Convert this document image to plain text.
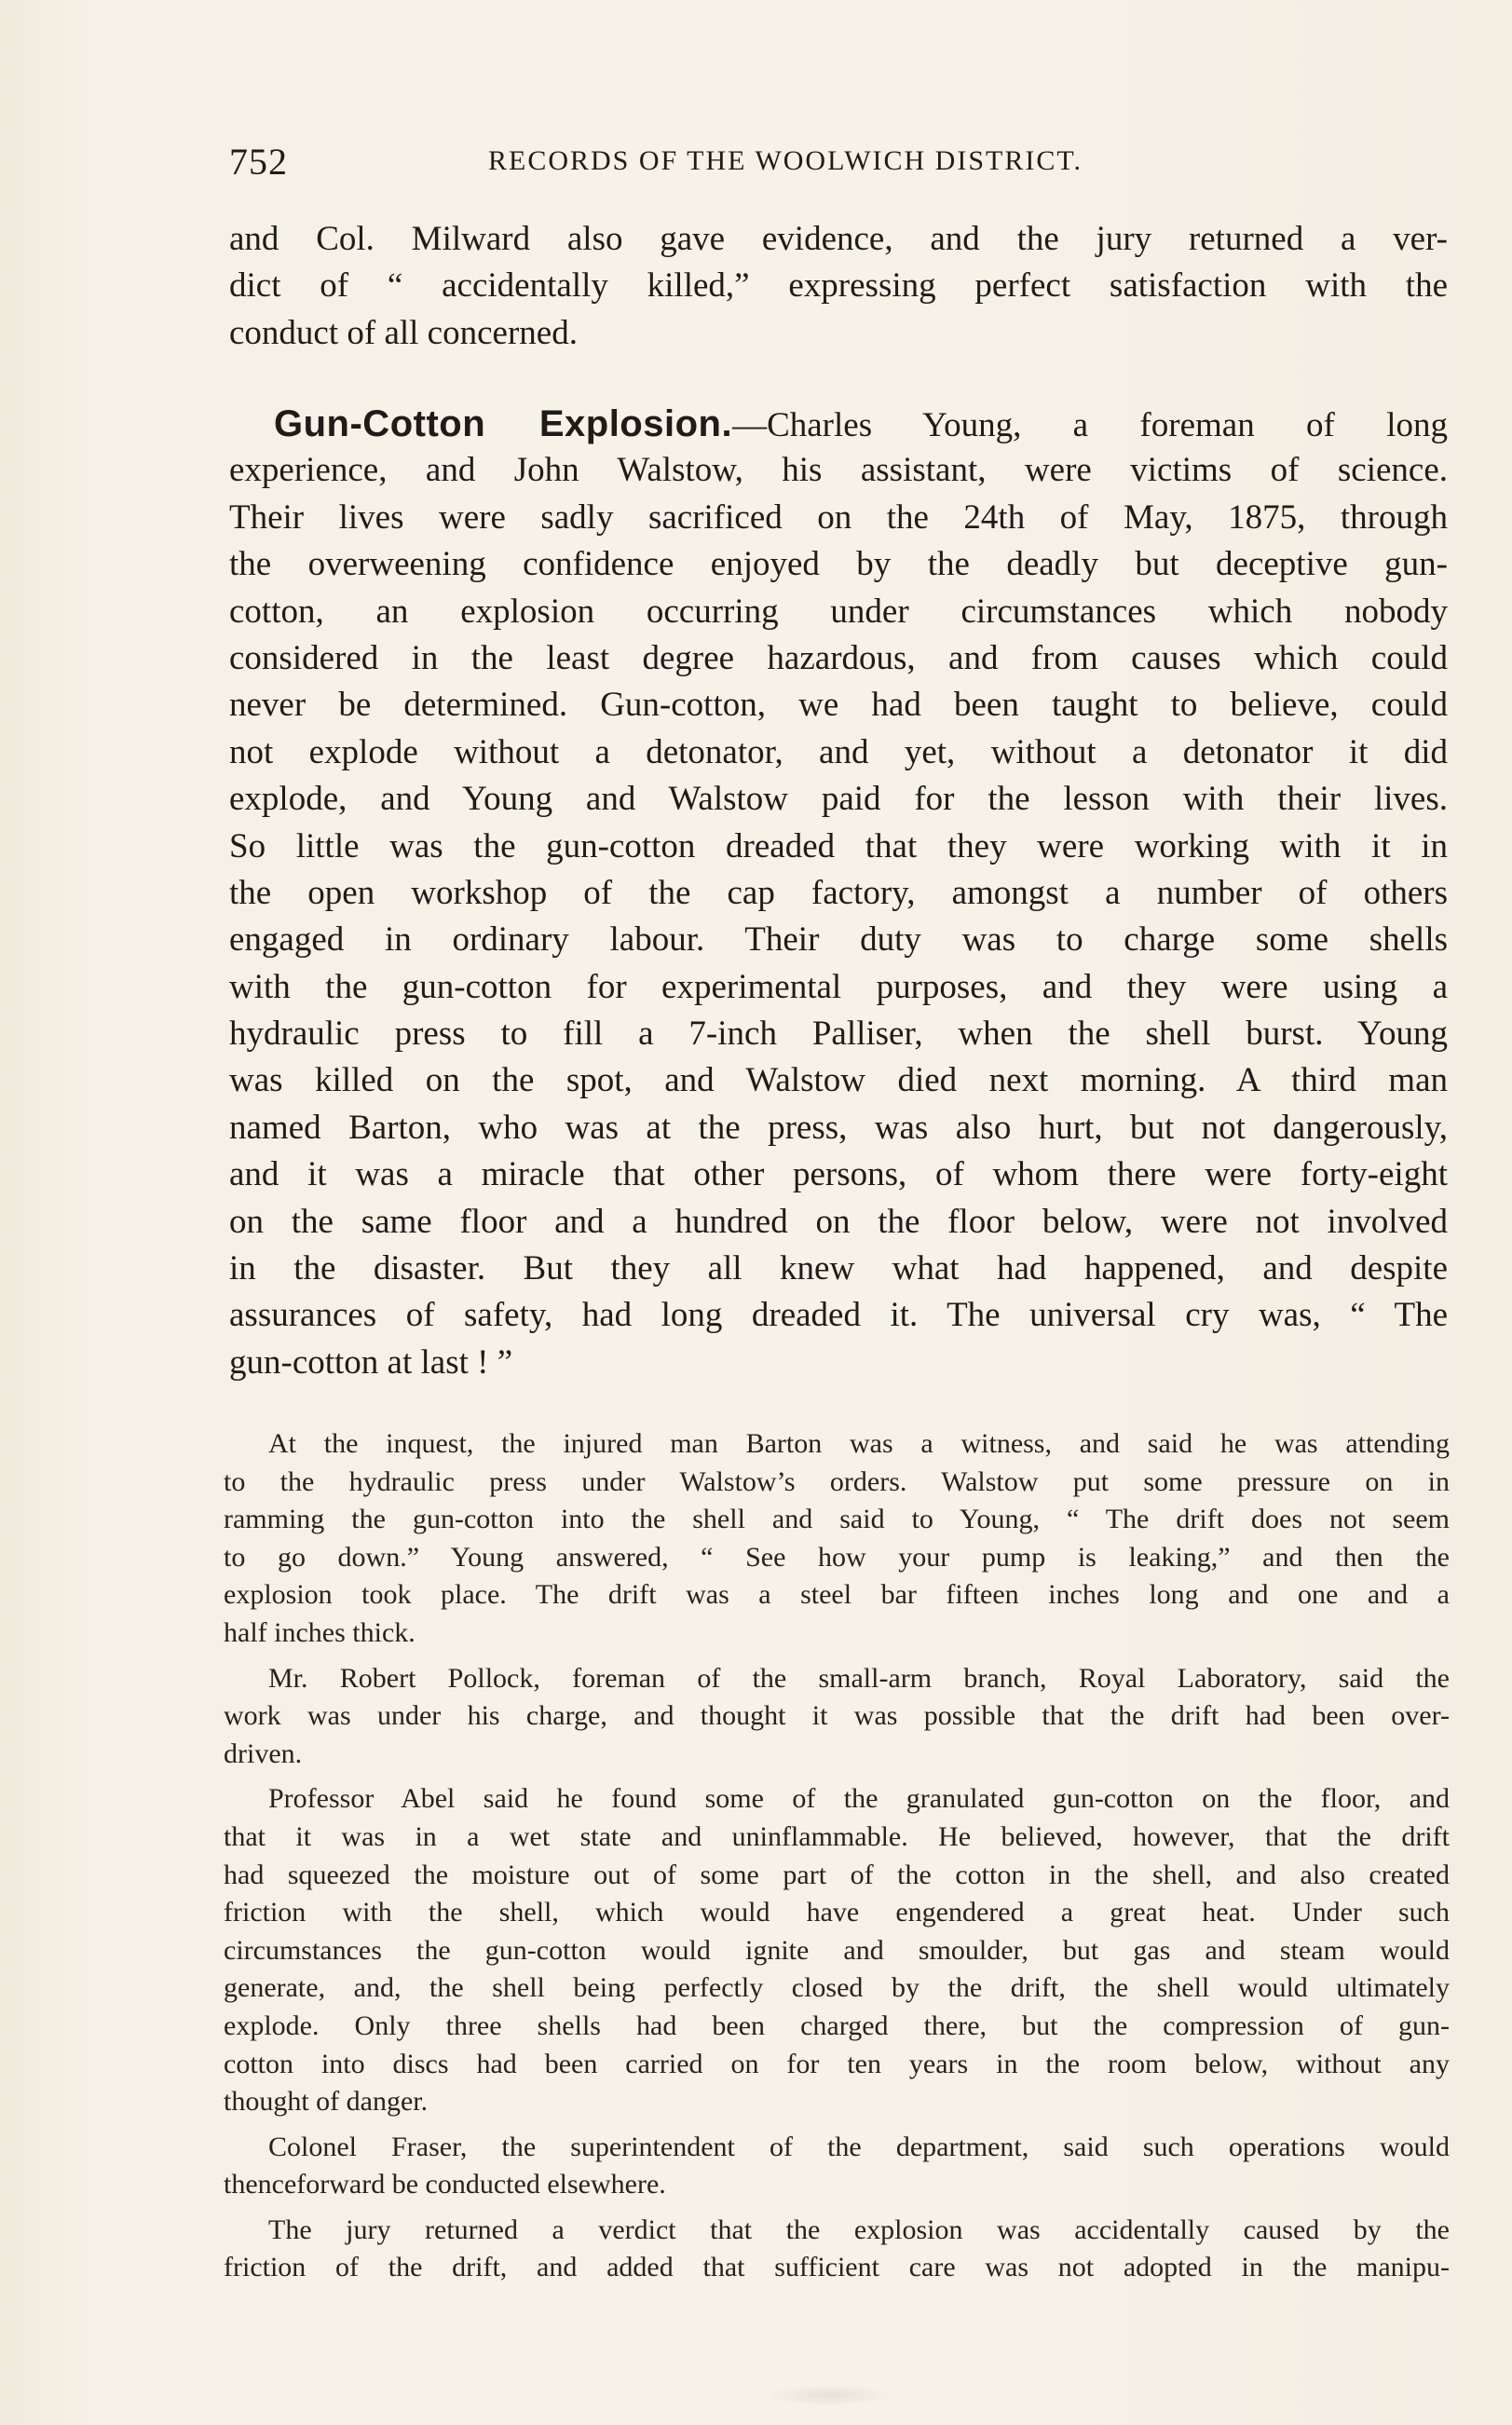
752	RECORDS OF THE WOOLWICH DISTRICT.
and Col. Milward also gave evidence, and the jury returned a ver-
dict of “ accidentally killed,” expressing perfect satisfaction with the
conduct of all concerned.
Gun-Cotton Explosion.—Charles Young, a foreman of long
experience, and John Walstow, his assistant, were victims of science.
Their lives were sadly sacrificed on the 24th of May, 1875, through
the overweening confidence enjoyed by the deadly but deceptive gun-
cotton, an explosion occurring under circumstances which nobody
considered in the least degree hazardous, and from causes which could
never be determined. Gun-cotton, we had been taught to believe, could
not explode without a detonator, and yet, without a detonator it did
explode, and Young and Walstow paid for the lesson with their lives.
So little was the gun-cotton dreaded that they were working with it in
the open workshop of the cap factory, amongst a number of others
engaged in ordinary labour. Their duty was to charge some shells
with the gun-cotton for experimental purposes, and they were using a
hydraulic press to fill a 7-inch Palliser, when the shell burst. Young
was killed on the spot, and Walstow died next morning. A third man
named Barton, who was at the press, was also hurt, but not dangerously,
and it was a miracle that other persons, of whom there were forty-eight
on the same floor and a hundred on the floor below, were not involved
in the disaster. But they all knew what had happened, and despite
assurances of safety, had long dreaded it. The universal cry was, “ The
gun-cotton at last ! ”
At the inquest, the injured man Barton was a witness, and said he was attending
to the hydraulic press under Walstow’s orders. Walstow put some pressure on in
ramming the gun-cotton into the shell and said to Young, “ The drift does not seem
to go down.” Young answered, “ See how your pump is leaking,” and then the
explosion took place. The drift was a steel bar fifteen inches long and one and a
half inches thick.
Mr. Robert Pollock, foreman of the small-arm branch, Royal Laboratory, said the
work was under his charge, and thought it was possible that the drift had been over-
driven.
Professor Abel said he found some of the granulated gun-cotton on the floor, and
that it was in a wet state and uninflammable. He believed, however, that the drift
had squeezed the moisture out of some part of the cotton in the shell, and also created
friction with the shell, which would have engendered a great heat. Under such
circumstances the gun-cotton would ignite and smoulder, but gas and steam would
generate, and, the shell being perfectly closed by the drift, the shell would ultimately
explode. Only three shells had been charged there, but the compression of gun-
cotton into discs had been carried on for ten years in the room below, without any
thought of danger.
Colonel Fraser, the superintendent of the department, said such operations would
thenceforward be conducted elsewhere.
The jury returned a verdict that the explosion was accidentally caused by the
friction of the drift, and added that sufficient care was not adopted in the manipu-
